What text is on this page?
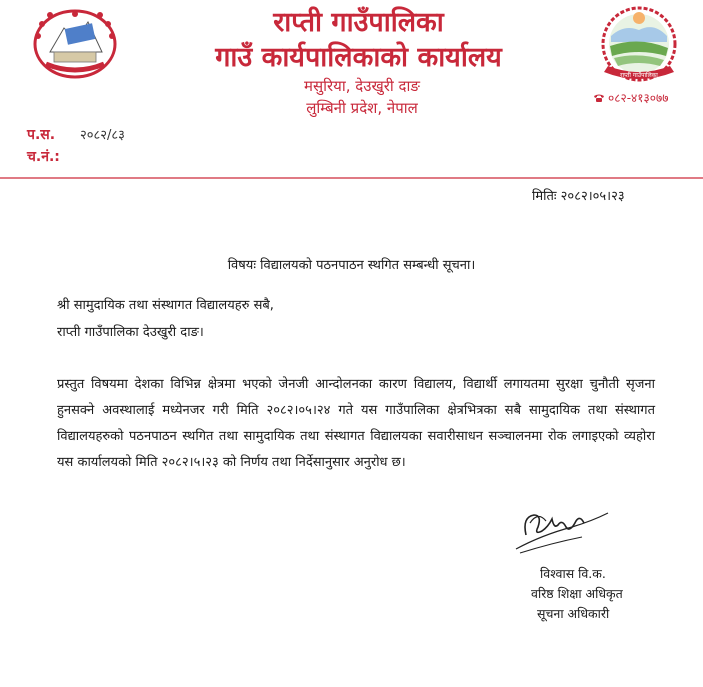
राप्ती गाउँपालिका
राप्ती गाउँपालिका
गाउँ कार्यपालिकाको कार्यालय
मसुरिया, देउखुरी दाङ
लुम्बिनी प्रदेश, नेपाल
०८२-४१३०७७
प.स. २०८२/८३
च.नं.:
मितिः २०८२।०५।२३
विषयः विद्यालयको पठनपाठन स्थगित सम्बन्धी सूचना।
श्री सामुदायिक तथा संस्थागत विद्यालयहरु सबै,
राप्ती गाउँपालिका देउखुरी दाङ।
प्रस्तुत विषयमा देशका विभिन्न क्षेत्रमा भएको जेनजी आन्दोलनका कारण विद्यालय, विद्यार्थी लगायतमा सुरक्षा चुनौती सृजना हुनसक्ने अवस्थालाई मध्येनजर गरी मिति २०८२।०५।२४ गते यस गाउँपालिका क्षेत्रभित्रका सबै सामुदायिक तथा संस्थागत विद्यालयहरुको पठनपाठन स्थगित तथा सामुदायिक तथा संस्थागत विद्यालयका सवारीसाधन सञ्चालनमा रोक लगाइएको व्यहोरा यस कार्यालयको मिति २०८२।५।२३ को निर्णय तथा निर्देसानुसार अनुरोध छ।
विश्वास वि.क.
वरिष्ठ शिक्षा अधिकृत
सूचना अधिकारी
